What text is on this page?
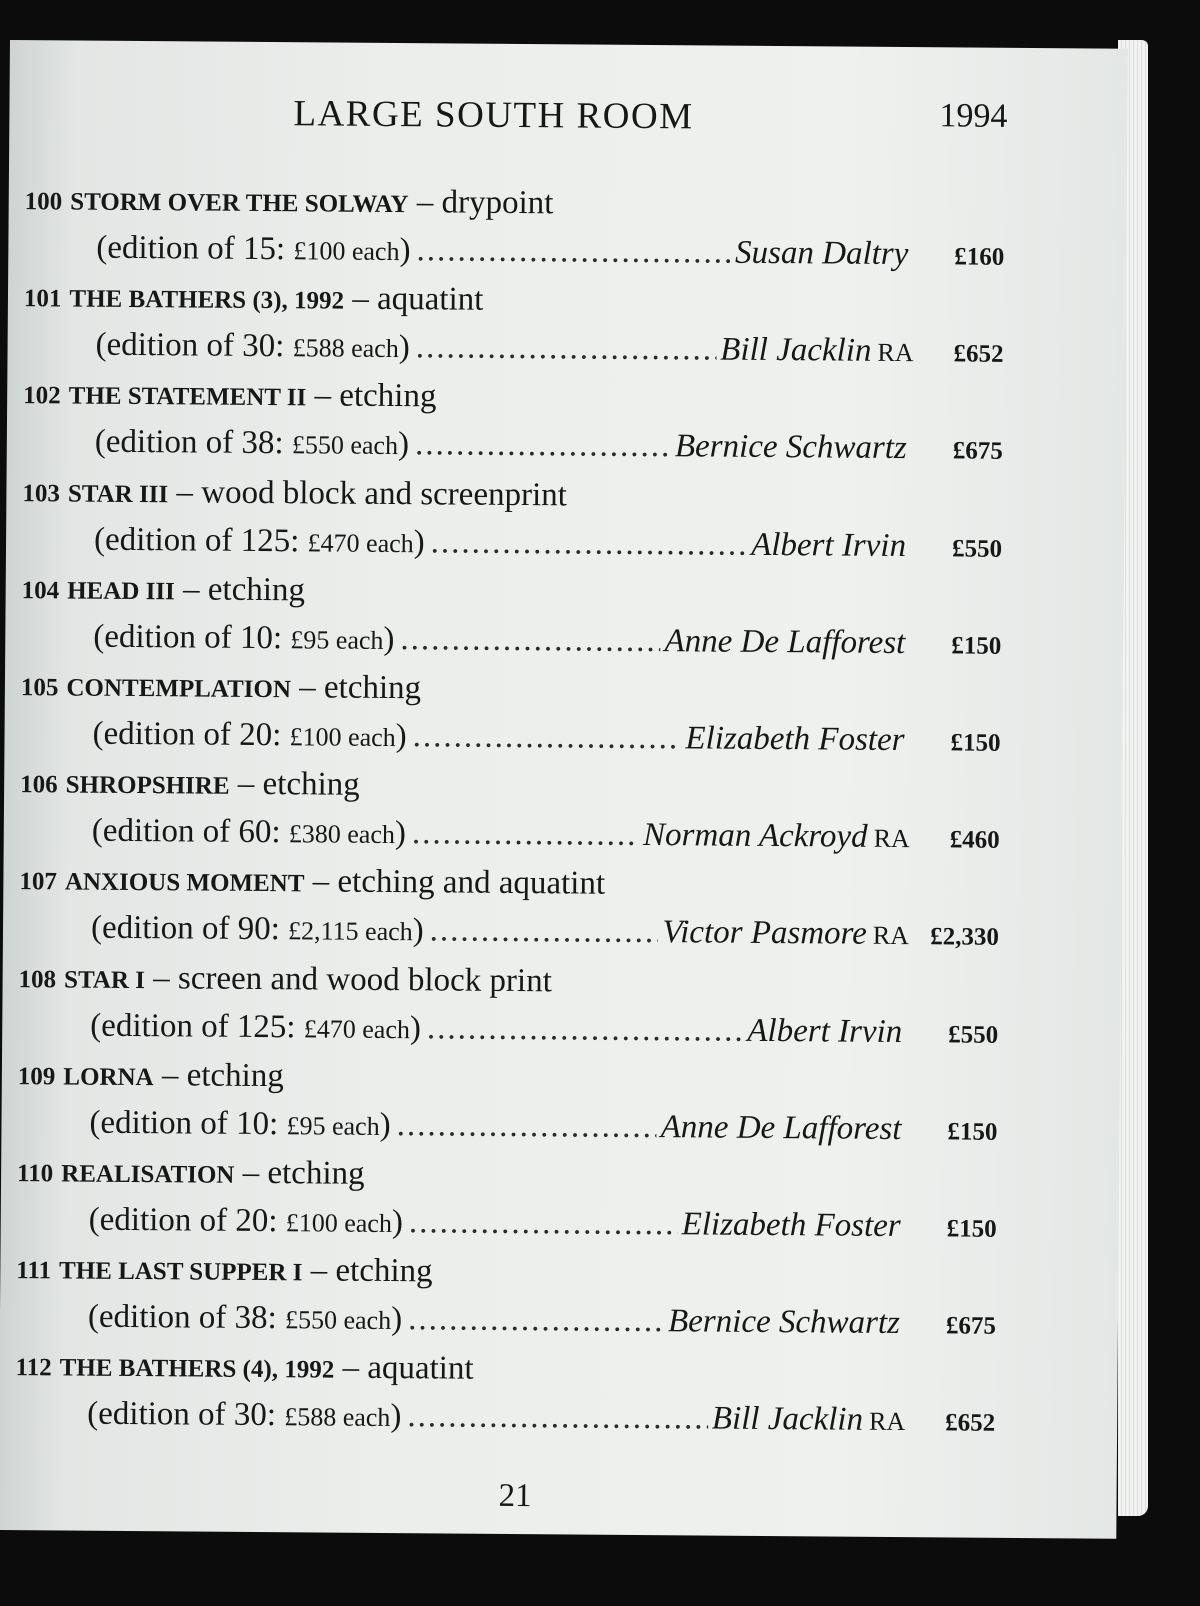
LARGE SOUTH ROOM	1994
100 STORM OVER THE SOLWAY – drypoint
(edition of 15: £100 each) .....	Susan Daltry	£160
101 THE BATHERS (3), 1992 – aquatint
(edition of 30: £588 each) .....	Bill Jacklin RA	£652
102 THE STATEMENT II – etching
(edition of 38: £550 each) .....	Bernice Schwartz	£675
103 STAR III – wood block and screenprint
(edition of 125: £470 each) .....	Albert Irvin	£550
104 HEAD III – etching
(edition of 10: £95 each) .....	Anne De Lafforest	£150
105 CONTEMPLATION – etching
(edition of 20: £100 each) .....	Elizabeth Foster	£150
106 SHROPSHIRE – etching
(edition of 60: £380 each) .....	Norman Ackroyd RA	£460
107 ANXIOUS MOMENT – etching and aquatint
(edition of 90: £2,115 each) .....	Victor Pasmore RA £2,330
108 STAR I – screen and wood block print
(edition of 125: £470 each) .....	Albert Irvin	£550
109 LORNA – etching
(edition of 10: £95 each) .....	Anne De Lafforest	£150
110 REALISATION – etching
(edition of 20: £100 each) .....	Elizabeth Foster	£150
111 THE LAST SUPPER I – etching
(edition of 38: £550 each) .....	Bernice Schwartz	£675
112 THE BATHERS (4), 1992 – aquatint
(edition of 30: £588 each) .....	Bill Jacklin RA	£652
21
